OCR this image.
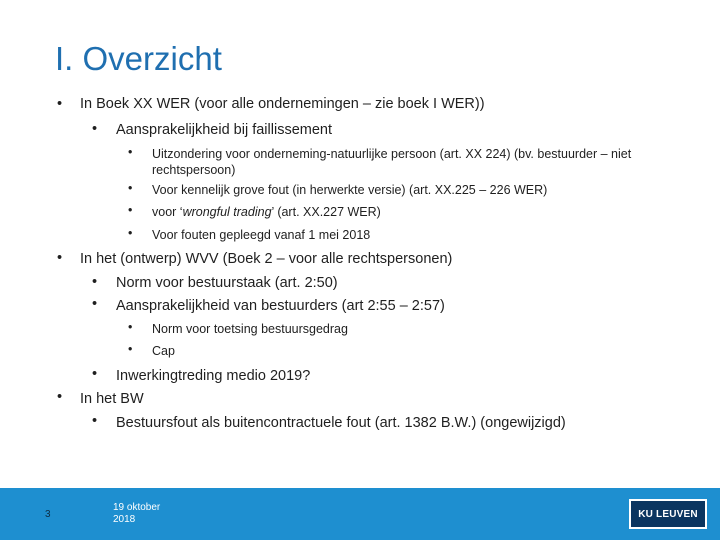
I. Overzicht
• In Boek XX WER (voor alle ondernemingen – zie boek I WER))
• Aansprakelijkheid bij faillissement
• Uitzondering voor onderneming-natuurlijke persoon (art. XX 224) (bv. bestuurder – niet rechtspersoon)
• Voor kennelijk grove fout (in herwerkte versie) (art. XX.225 – 226 WER)
• voor ‘wrongful trading’ (art. XX.227 WER)
• Voor fouten gepleegd vanaf 1 mei 2018
• In het (ontwerp) WVV (Boek 2 – voor alle rechtspersonen)
• Norm voor bestuurstaak (art. 2:50)
• Aansprakelijkheid van bestuurders (art 2:55 – 2:57)
• Norm voor toetsing bestuursgedrag
• Cap
• Inwerkingtreding medio 2019?
• In het BW
• Bestuursfout als buitencontractuele fout (art. 1382 B.W.) (ongewijzigd)
3
19 oktober
2018	KU LEUVEN
